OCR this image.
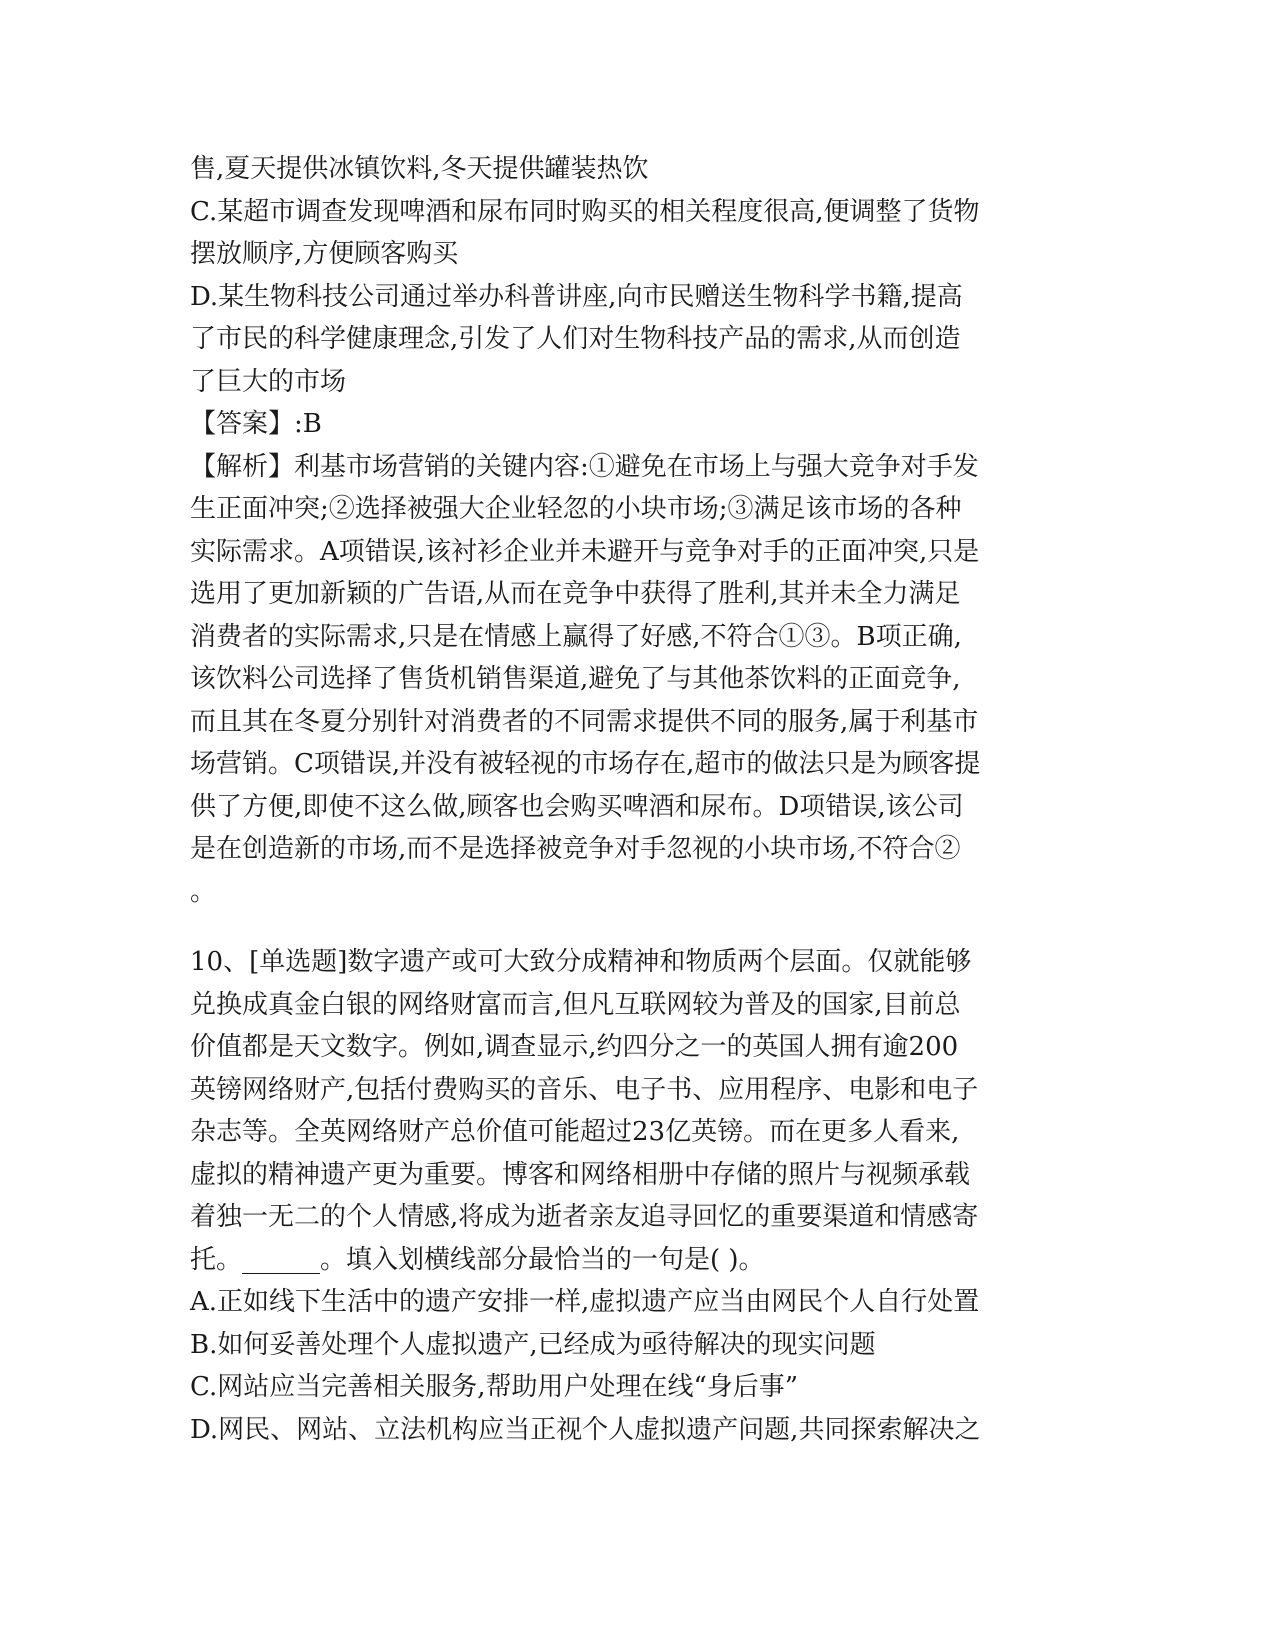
售,夏天提供冰镇饮料,冬天提供罐装热饮
C.某超市调查发现啤酒和尿布同时购买的相关程度很高,便调整了货物
摆放顺序,方便顾客购买
D.某生物科技公司通过举办科普讲座,向市民赠送生物科学书籍,提高
了市民的科学健康理念,引发了人们对生物科技产品的需求,从而创造
了巨大的市场
【答案】:B
【解析】利基市场营销的关键内容:①避免在市场上与强大竞争对手发
生正面冲突;②选择被强大企业轻忽的小块市场;③满足该市场的各种
实际需求。A项错误,该衬衫企业并未避开与竞争对手的正面冲突,只是
选用了更加新颖的广告语,从而在竞争中获得了胜利,其并未全力满足
消费者的实际需求,只是在情感上赢得了好感,不符合①③。B项正确,
该饮料公司选择了售货机销售渠道,避免了与其他茶饮料的正面竞争,
而且其在冬夏分别针对消费者的不同需求提供不同的服务,属于利基市
场营销。C项错误,并没有被轻视的市场存在,超市的做法只是为顾客提
供了方便,即使不这么做,顾客也会购买啤酒和尿布。D项错误,该公司
是在创造新的市场,而不是选择被竞争对手忽视的小块市场,不符合②
。
10、[单选题]数字遗产或可大致分成精神和物质两个层面。仅就能够
兑换成真金白银的网络财富而言,但凡互联网较为普及的国家,目前总
价值都是天文数字。例如,调查显示,约四分之一的英国人拥有逾200
英镑网络财产,包括付费购买的音乐、电子书、应用程序、电影和电子
杂志等。全英网络财产总价值可能超过23亿英镑。而在更多人看来,
虚拟的精神遗产更为重要。博客和网络相册中存储的照片与视频承载
着独一无二的个人情感,将成为逝者亲友追寻回忆的重要渠道和情感寄
托。______。填入划横线部分最恰当的一句是( )。
A.正如线下生活中的遗产安排一样,虚拟遗产应当由网民个人自行处置
B.如何妥善处理个人虚拟遗产,已经成为亟待解决的现实问题
C.网站应当完善相关服务,帮助用户处理在线“身后事”
D.网民、网站、立法机构应当正视个人虚拟遗产问题,共同探索解决之
